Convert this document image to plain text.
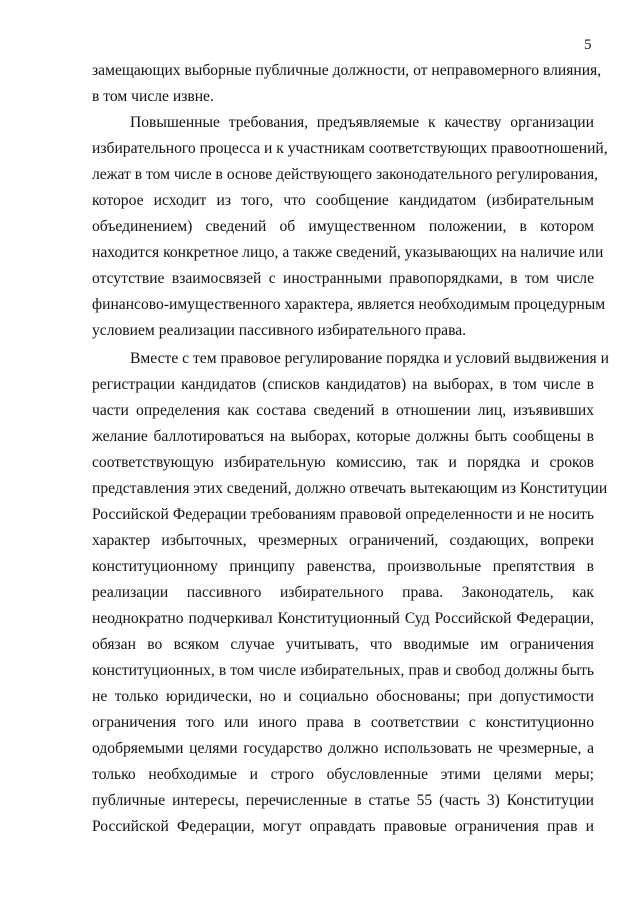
5
замещающих выборные публичные должности, от неправомерного влияния,
в том числе извне.
Повышенные требования, предъявляемые к качеству организации
избирательного процесса и к участникам соответствующих правоотношений,
лежат в том числе в основе действующего законодательного регулирования,
которое исходит из того, что сообщение кандидатом (избирательным
объединением) сведений об имущественном положении, в котором
находится конкретное лицо, а также сведений, указывающих на наличие или
отсутствие взаимосвязей с иностранными правопорядками, в том числе
финансово-имущественного характера, является необходимым процедурным
условием реализации пассивного избирательного права.
Вместе с тем правовое регулирование порядка и условий выдвижения и
регистрации кандидатов (списков кандидатов) на выборах, в том числе в
части определения как состава сведений в отношении лиц, изъявивших
желание баллотироваться на выборах, которые должны быть сообщены в
соответствующую избирательную комиссию, так и порядка и сроков
представления этих сведений, должно отвечать вытекающим из Конституции
Российской Федерации требованиям правовой определенности и не носить
характер избыточных, чрезмерных ограничений, создающих, вопреки
конституционному принципу равенства, произвольные препятствия в
реализации пассивного избирательного права. Законодатель, как
неоднократно подчеркивал Конституционный Суд Российской Федерации,
обязан во всяком случае учитывать, что вводимые им ограничения
конституционных, в том числе избирательных, прав и свобод должны быть
не только юридически, но и социально обоснованы; при допустимости
ограничения того или иного права в соответствии с конституционно
одобряемыми целями государство должно использовать не чрезмерные, а
только необходимые и строго обусловленные этими целями меры;
публичные интересы, перечисленные в статье 55 (часть 3) Конституции
Российской Федерации, могут оправдать правовые ограничения прав и
